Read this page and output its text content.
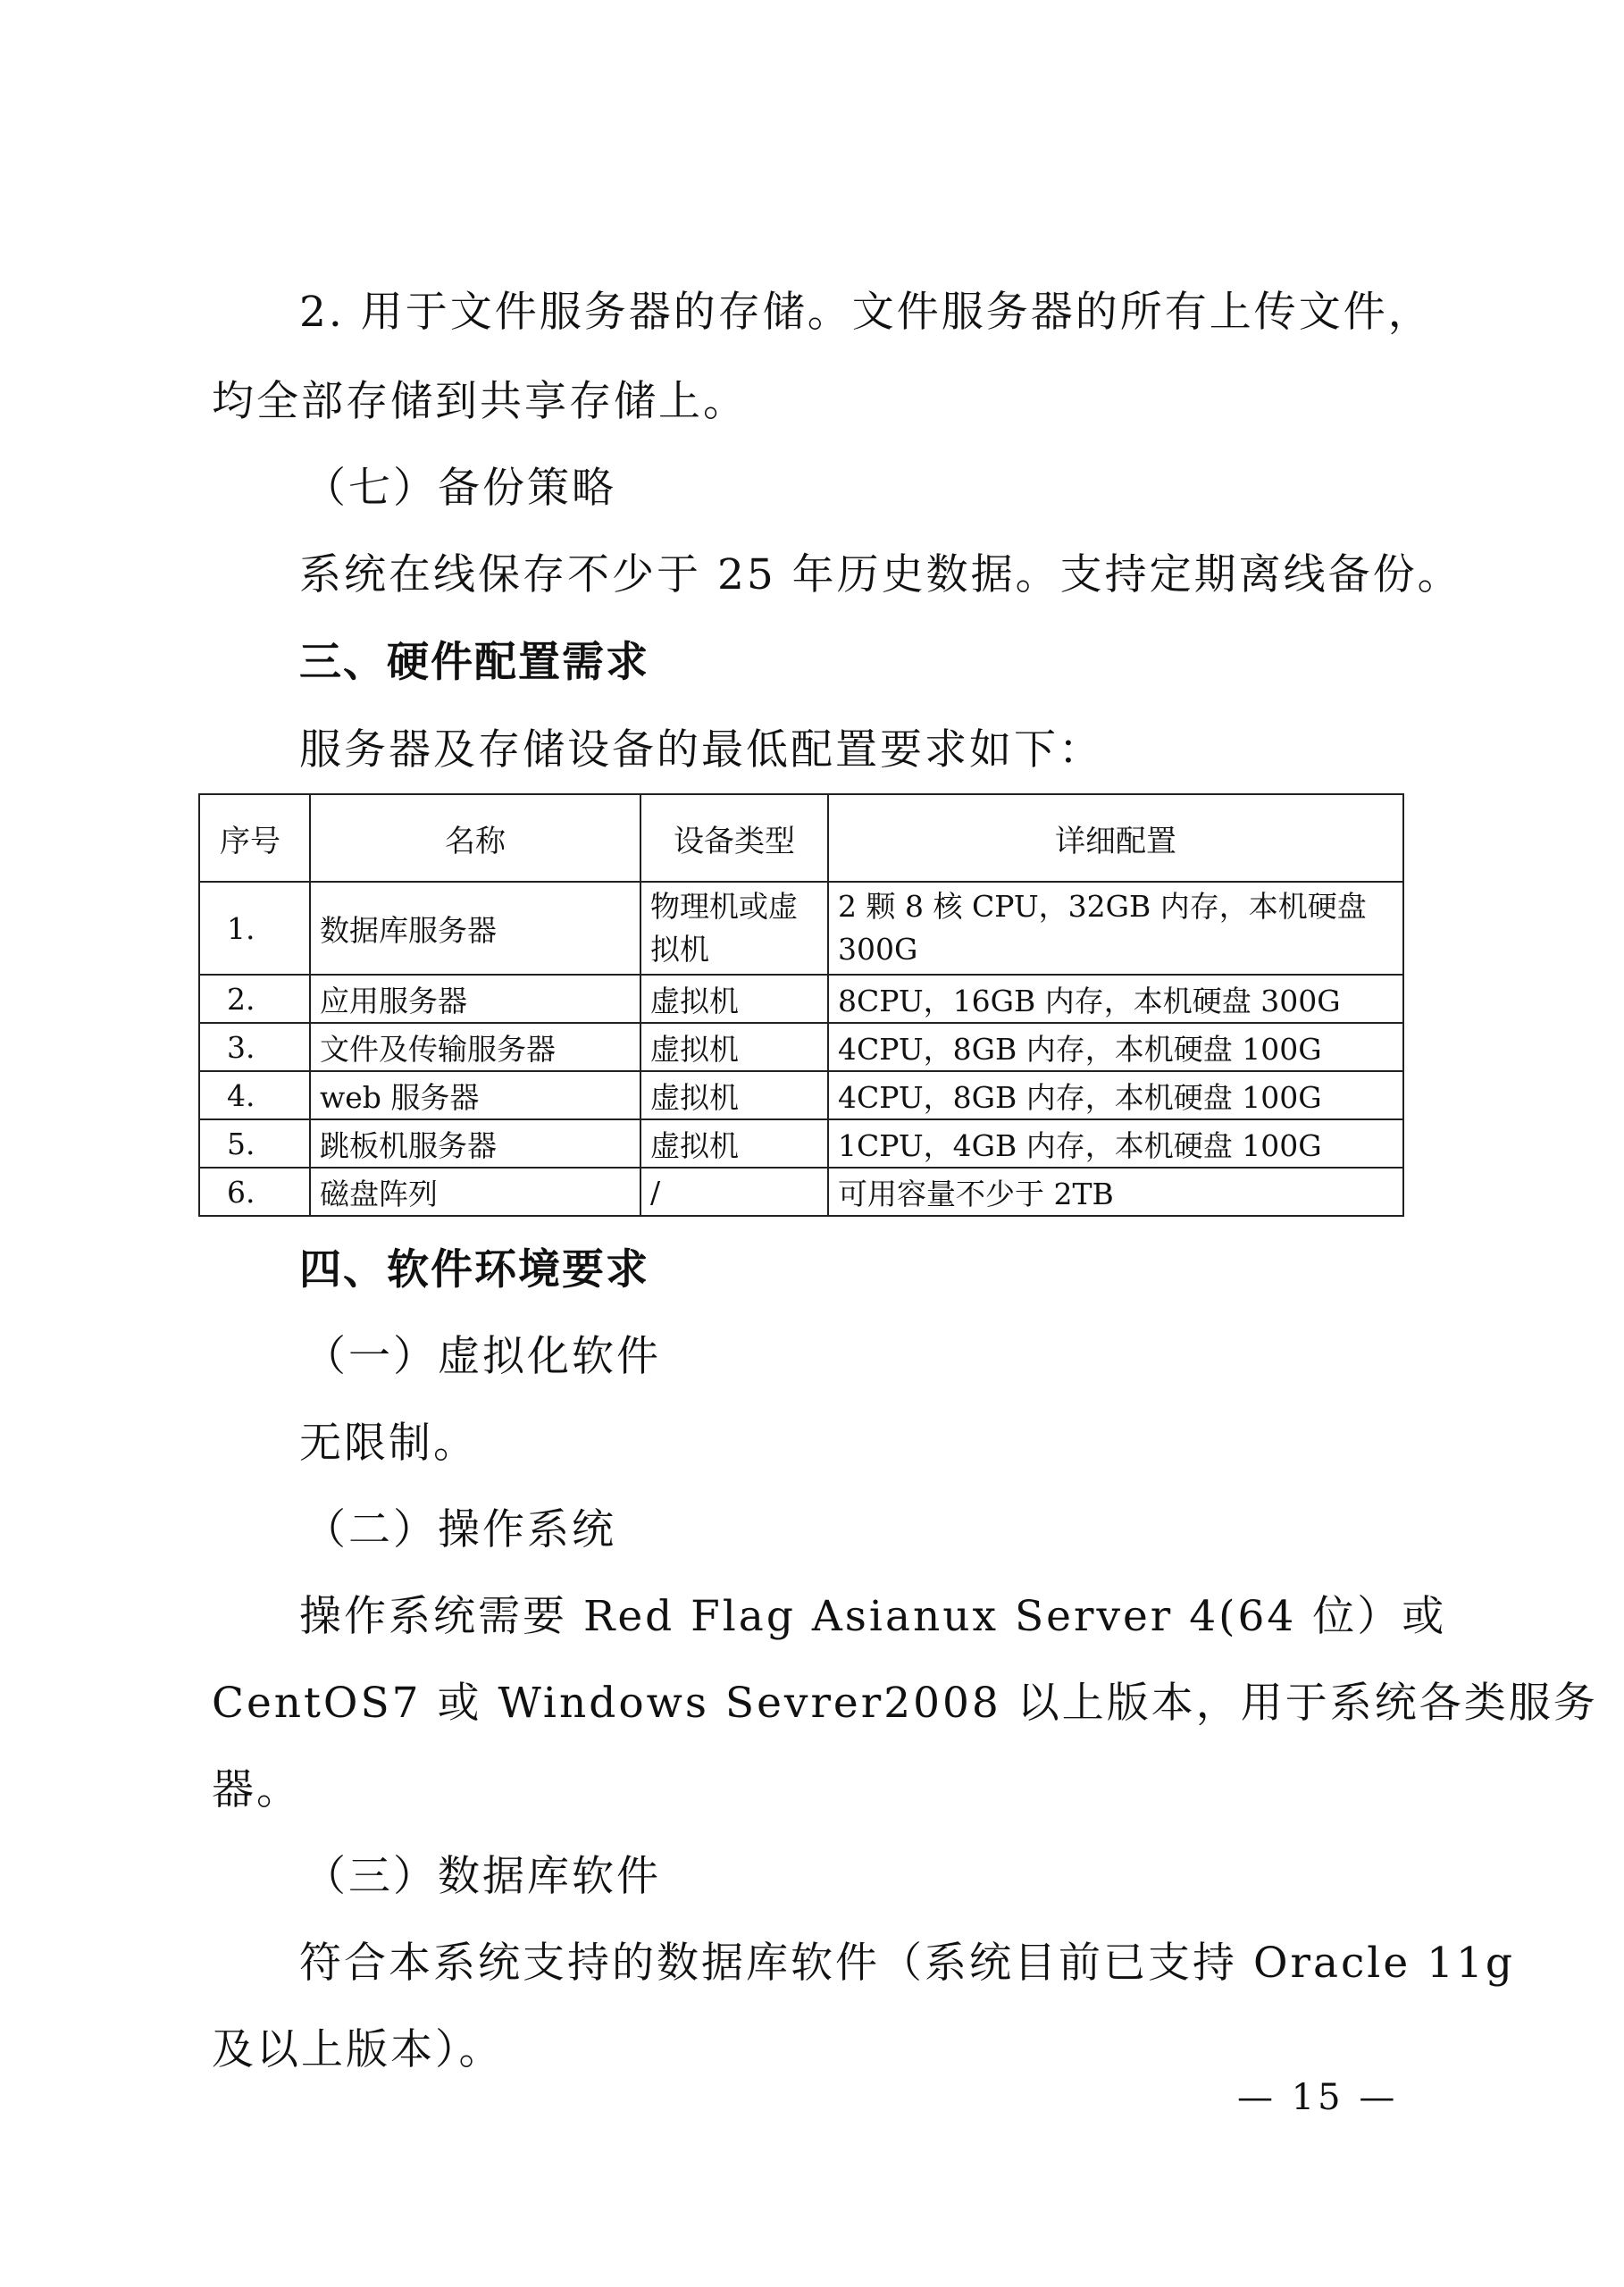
2. 用于文件服务器的存储。文件服务器的所有上传文件，
均全部存储到共享存储上。
（七）备份策略
系统在线保存不少于 25 年历史数据。支持定期离线备份。
三、硬件配置需求
服务器及存储设备的最低配置要求如下：
序号	名称	设备类型	详细配置
1.	数据库服务器	物理机或虚拟机	2 颗 8 核 CPU，32GB 内存，本机硬盘 300G
2.	应用服务器	虚拟机	8CPU，16GB 内存，本机硬盘 300G
3.	文件及传输服务器	虚拟机	4CPU，8GB 内存，本机硬盘 100G
4.	web 服务器	虚拟机	4CPU，8GB 内存，本机硬盘 100G
5.	跳板机服务器	虚拟机	1CPU，4GB 内存，本机硬盘 100G
6.	磁盘阵列	/	可用容量不少于 2TB
四、软件环境要求
（一）虚拟化软件
无限制。
（二）操作系统
操作系统需要 Red Flag Asianux Server 4(64 位）或
CentOS7 或 Windows Sevrer2008 以上版本，用于系统各类服务
器。
（三）数据库软件
符合本系统支持的数据库软件（系统目前已支持 Oracle 11g
及以上版本）。
— 15 —
